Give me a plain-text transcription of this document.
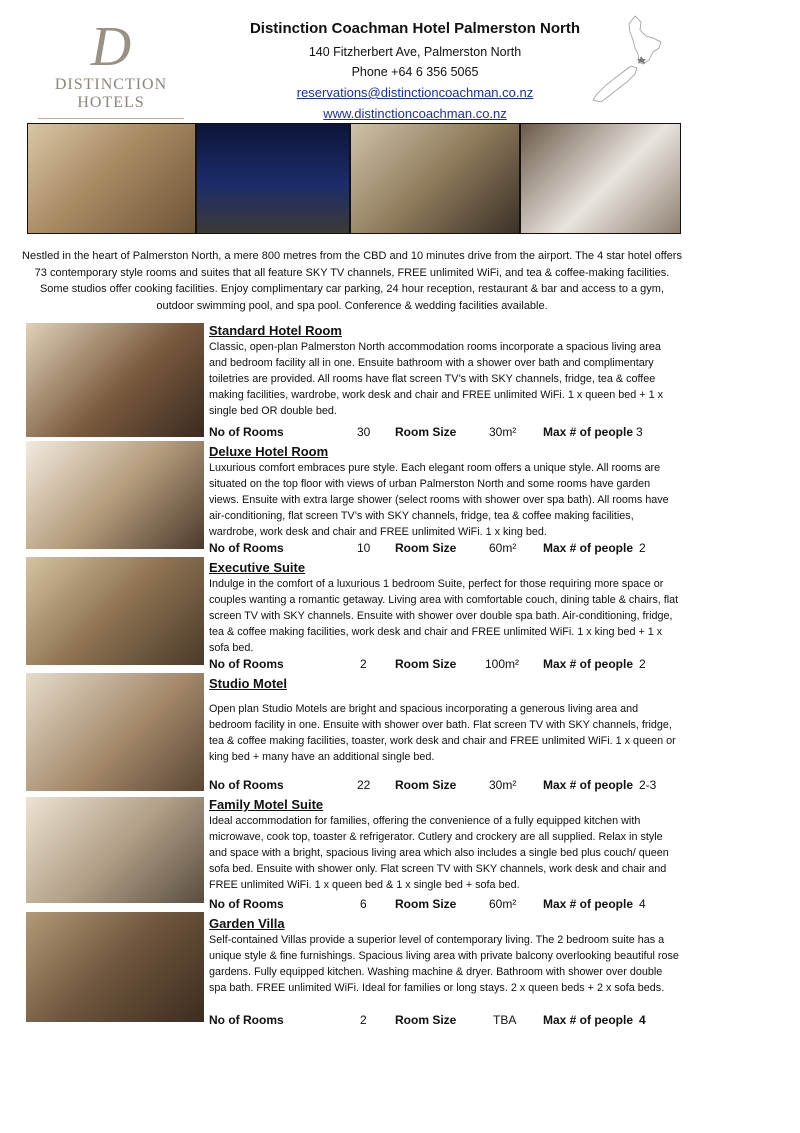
D
DISTINCTION HOTELS
Distinction Coachman Hotel Palmerston North
140 Fitzherbert Ave, Palmerston North
Phone +64 6 356 5065
reservations@distinctioncoachman.co.nz
www.distinctioncoachman.co.nz
Nestled in the heart of Palmerston North, a mere 800 metres from the CBD and 10 minutes drive from the airport. The 4 star hotel offers 73 contemporary style rooms and suites that all feature SKY TV channels, FREE unlimited WiFi, and tea & coffee-making facilities. Some studios offer cooking facilities. Enjoy complimentary car parking, 24 hour reception, restaurant & bar and access to a gym, outdoor swimming pool, and spa pool. Conference & wedding facilities available.
Standard Hotel Room
Classic, open-plan Palmerston North accommodation rooms incorporate a spacious living area and bedroom facility all in one. Ensuite bathroom with a shower over bath and complimentary toiletries are provided. All rooms have flat screen TV’s with SKY channels, fridge, tea & coffee making facilities, wardrobe, work desk and chair and FREE unlimited WiFi. 1 x queen bed + 1 x single bed OR double bed.
No of Rooms	30 Room Size	30m² Max # of people 3
Deluxe Hotel Room
Luxurious comfort embraces pure style. Each elegant room offers a unique style. All rooms are situated on the top floor with views of urban Palmerston North and some rooms have garden views. Ensuite with extra large shower (select rooms with shower over spa bath). All rooms have air-conditioning, flat screen TV’s with SKY channels, fridge, tea & coffee making facilities, wardrobe, work desk and chair and FREE unlimited WiFi. 1 x king bed.
No of Rooms	10 Room Size	60m² Max # of people 2
Executive Suite
Indulge in the comfort of a luxurious 1 bedroom Suite, perfect for those requiring more space or couples wanting a romantic getaway. Living area with comfortable couch, dining table & chairs, flat screen TV with SKY channels. Ensuite with shower over double spa bath. Air-conditioning, fridge, tea & coffee making facilities, work desk and chair and FREE unlimited WiFi. 1 x king bed + 1 x sofa bed.
No of Rooms	2 Room Size 100m² Max # of people 2
Studio Motel
Open plan Studio Motels are bright and spacious incorporating a generous living area and bedroom facility in one. Ensuite with shower over bath. Flat screen TV with SKY channels, fridge, tea & coffee making facilities, toaster, work desk and chair and FREE unlimited WiFi. 1 x queen or king bed + many have an additional single bed.
No of Rooms	22 Room Size	30m² Max # of people 2-3
Family Motel Suite
Ideal accommodation for families, offering the convenience of a fully equipped kitchen with microwave, cook top, toaster & refrigerator. Cutlery and crockery are all supplied. Relax in style and space with a bright, spacious living area which also includes a single bed plus couch/ queen sofa bed. Ensuite with shower only. Flat screen TV with SKY channels, work desk and chair and FREE unlimited WiFi. 1 x queen bed & 1 x single bed + sofa bed.
No of Rooms	6 Room Size	60m² Max # of people 4
Garden Villa
Self-contained Villas provide a superior level of contemporary living. The 2 bedroom suite has a unique style & fine furnishings. Spacious living area with private balcony overlooking beautiful rose gardens. Fully equipped kitchen. Washing machine & dryer. Bathroom with shower over double spa bath. FREE unlimited WiFi. Ideal for families or long stays. 2 x queen beds + 2 x sofa beds.
No of Rooms	2 Room Size	TBA Max # of people 4
